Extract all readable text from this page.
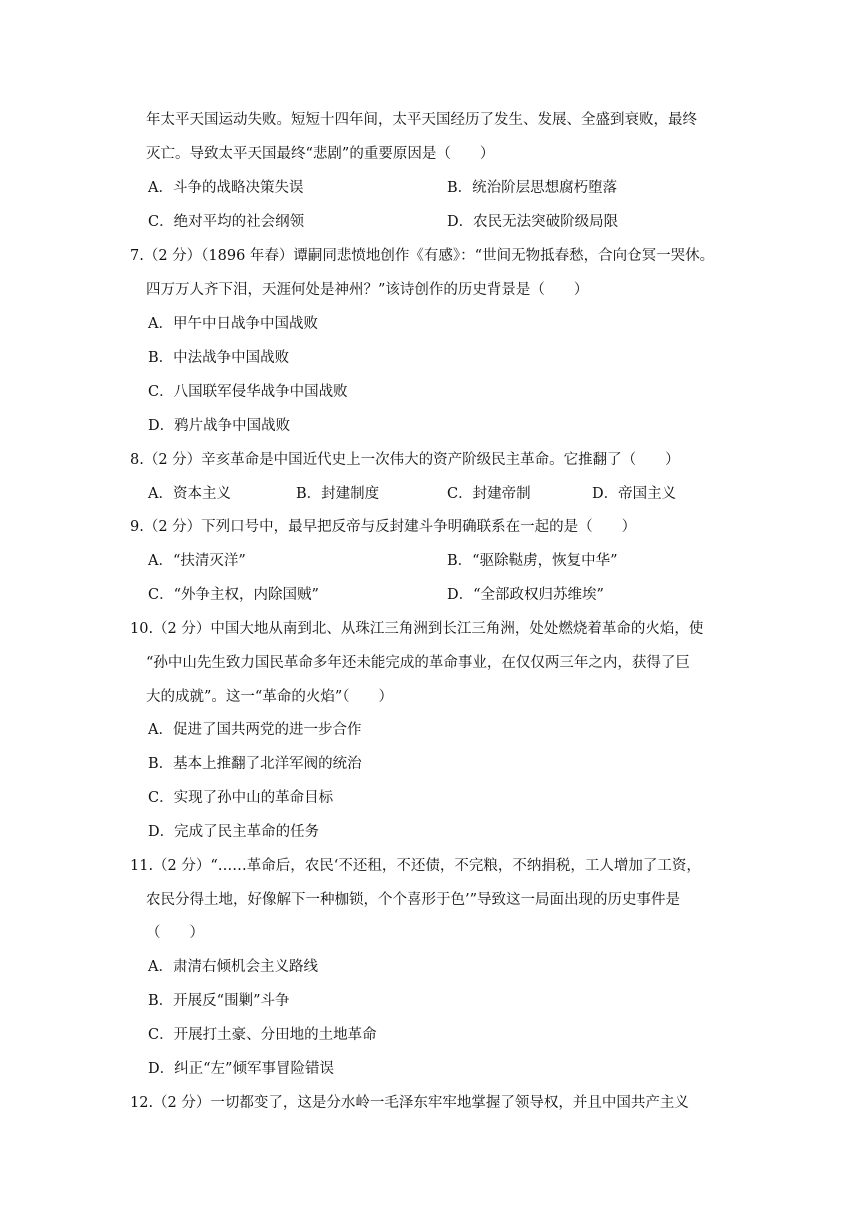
年太平天国运动失败。短短十四年间，太平天国经历了发生、发展、全盛到衰败，最终
灭亡。导致太平天国最终“悲剧”的重要原因是（　　）
A．斗争的战略决策失误	B．统治阶层思想腐朽堕落
C．绝对平均的社会纲领	D．农民无法突破阶级局限
7.（2 分）（1896 年春）谭嗣同悲愤地创作《有感》：“世间无物抵春愁，合向仓冥一哭休。
四万万人齐下泪，天涯何处是神州？”该诗创作的历史背景是（　　）
A．甲午中日战争中国战败
B．中法战争中国战败
C．八国联军侵华战争中国战败
D．鸦片战争中国战败
8.（2 分）辛亥革命是中国近代史上一次伟大的资产阶级民主革命。它推翻了（　　）
A．资本主义	B．封建制度	C．封建帝制	D．帝国主义
9.（2 分）下列口号中，最早把反帝与反封建斗争明确联系在一起的是（　　）
A．“扶清灭洋”	B．“驱除鞑虏，恢复中华”
C．“外争主权，内除国贼”	D．“全部政权归苏维埃”
10.（2 分）中国大地从南到北、从珠江三角洲到长江三角洲，处处燃烧着革命的火焰，使
“孙中山先生致力国民革命多年还未能完成的革命事业，在仅仅两三年之内，获得了巨
大的成就”。这一“革命的火焰”（　　）
A．促进了国共两党的进一步合作
B．基本上推翻了北洋军阀的统治
C．实现了孙中山的革命目标
D．完成了民主革命的任务
11.（2 分）“……革命后，农民‘不还租，不还债，不完粮，不纳捐税，工人增加了工资，
农民分得土地，好像解下一种枷锁，个个喜形于色’”导致这一局面出现的历史事件是
（　　）
A．肃清右倾机会主义路线
B．开展反“围剿”斗争
C．开展打土豪、分田地的土地革命
D．纠正“左”倾军事冒险错误
12.（2 分）一切都变了，这是分水岭一毛泽东牢牢地掌握了领导权，并且中国共产主义
